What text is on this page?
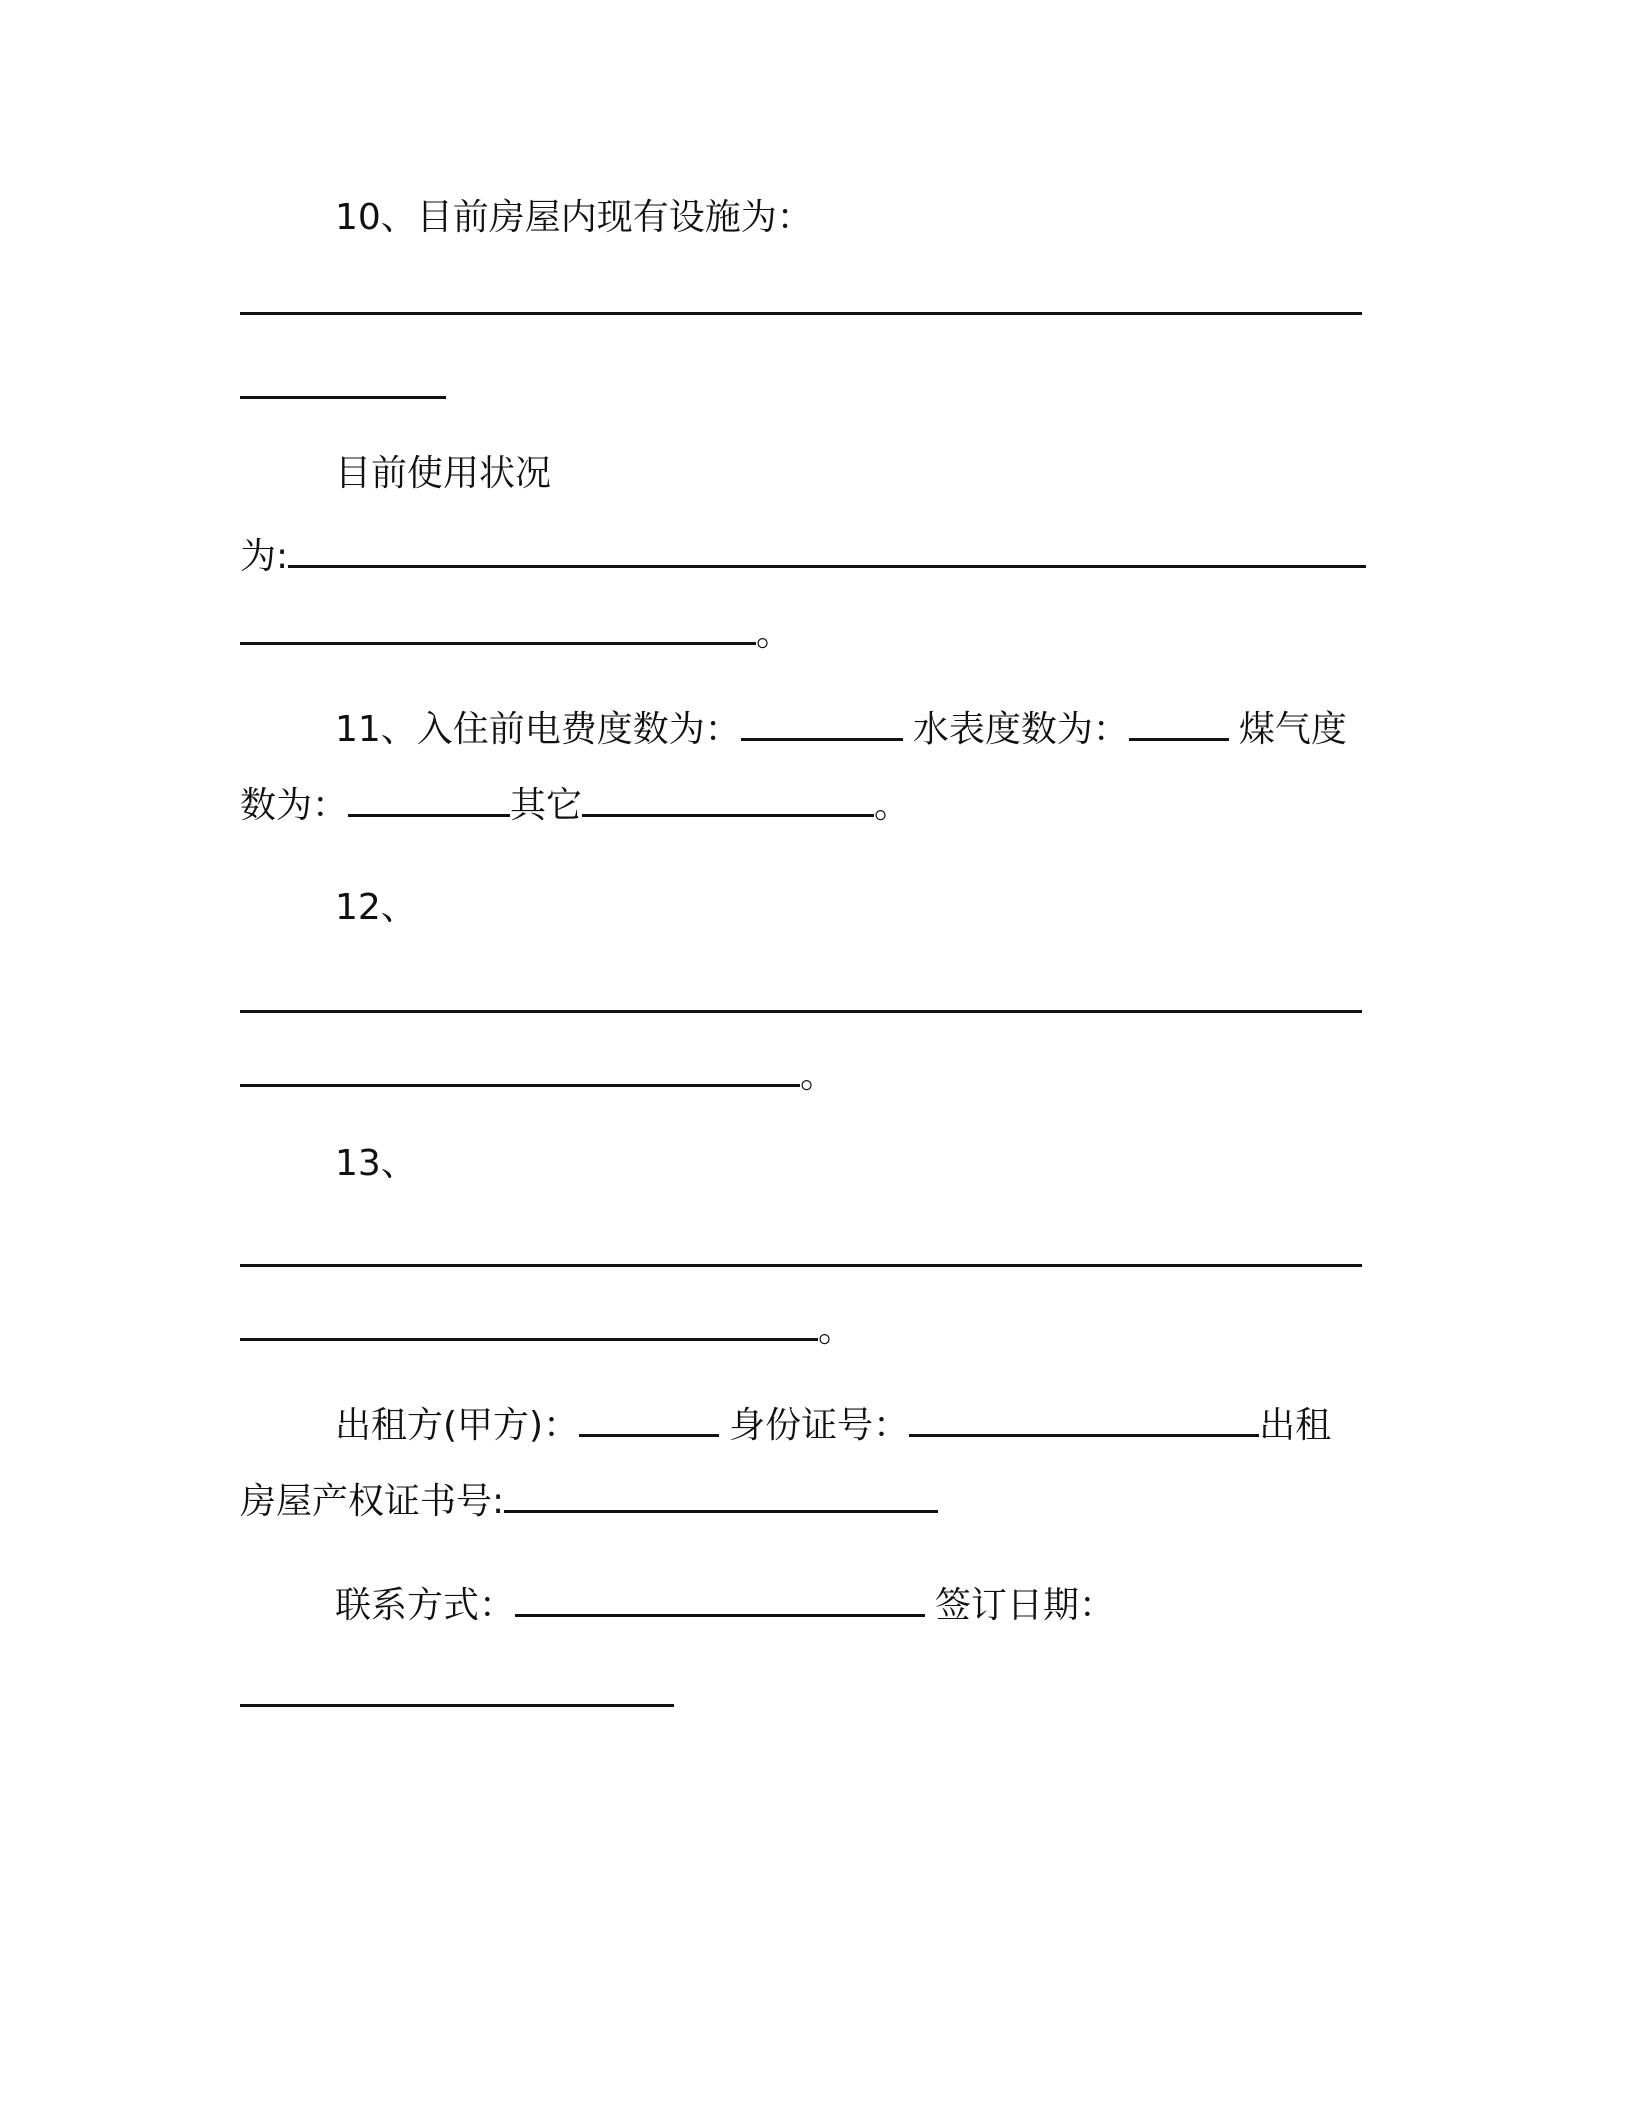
10、目前房屋内现有设施为：
目前使用状况
为:
。
11、入住前电费度数为：	水表度数为：	煤气度
数为：	其它	。
12、
。
13、
。
出租方(甲方)：	身份证号：	出租
房屋产权证书号:
联系方式：	签订日期：
